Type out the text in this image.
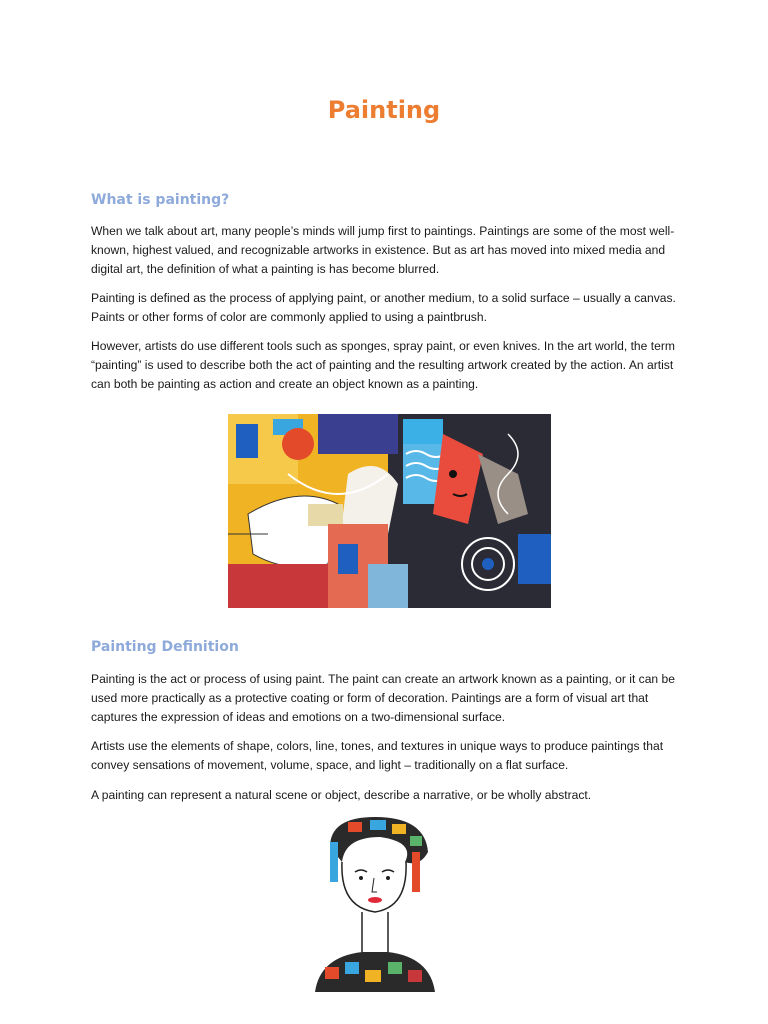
Painting
What is painting?

When we talk about art, many people’s minds will jump first to paintings. Paintings are some of the most well-known, highest valued, and recognizable artworks in existence. But as art has moved into mixed media and digital art, the definition of what a painting is has become blurred.

Painting is defined as the process of applying paint, or another medium, to a solid surface – usually a canvas. Paints or other forms of color are commonly applied to using a paintbrush.

However, artists do use different tools such as sponges, spray paint, or even knives. In the art world, the term “painting” is used to describe both the act of painting and the resulting artwork created by the action. An artist can both be painting as action and create an object known as a painting.

Painting Definition

Painting is the act or process of using paint. The paint can create an artwork known as a painting, or it can be used more practically as a protective coating or form of decoration. Paintings are a form of visual art that captures the expression of ideas and emotions on a two-dimensional surface.

Artists use the elements of shape, colors, line, tones, and textures in unique ways to produce paintings that convey sensations of movement, volume, space, and light – traditionally on a flat surface.

A painting can represent a natural scene or object, describe a narrative, or be wholly abstract.
